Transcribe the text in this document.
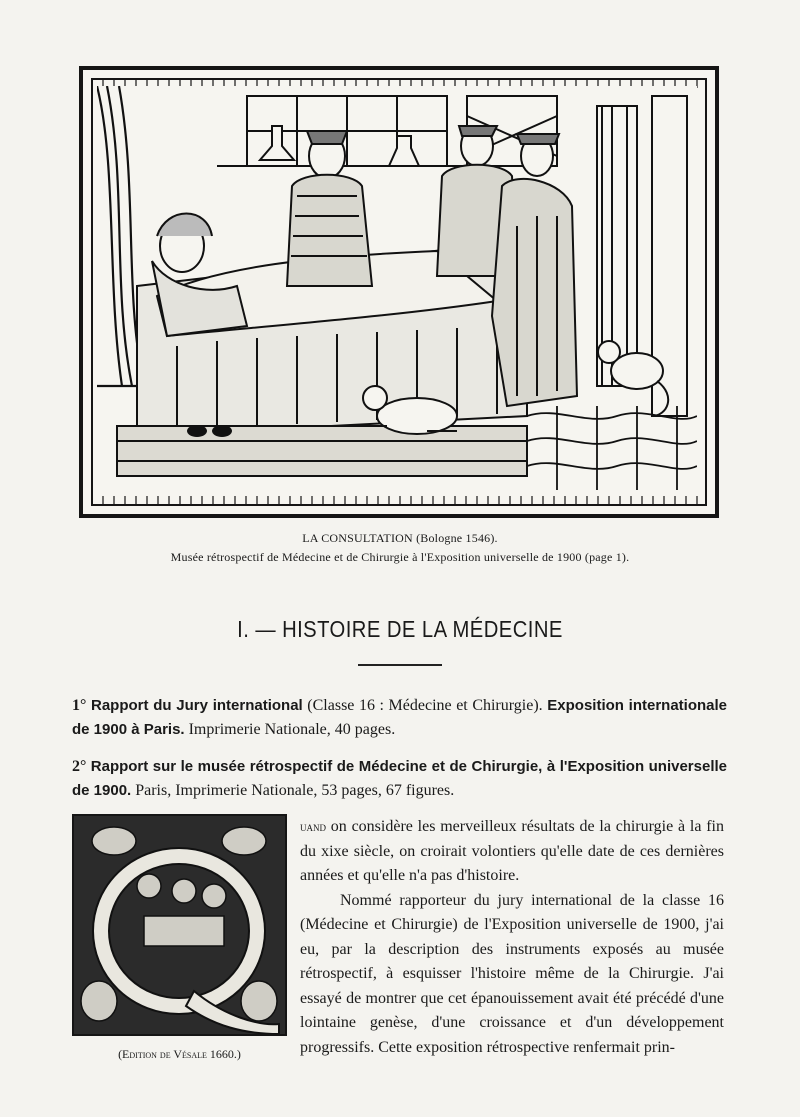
LA CONSULTATION (Bologne 1546).
Musée rétrospectif de Médecine et de Chirurgie à l'Exposition universelle de 1900 (page 1).
I. — HISTOIRE DE LA MÉDECINE
1° Rapport du Jury international (Classe 16 : Médecine et Chirurgie). Exposition internationale de 1900 à Paris. Imprimerie Nationale, 40 pages.
2° Rapport sur le musée rétrospectif de Médecine et de Chirurgie, à l'Exposition universelle de 1900. Paris, Imprimerie Nationale, 53 pages, 67 figures.
(Edition de Vésale 1660.)

uand on considère les merveilleux résultats de la chirurgie à la fin du xixe siècle, on croirait volontiers qu'elle date de ces dernières années et qu'elle n'a pas d'histoire.

Nommé rapporteur du jury international de la classe 16 (Médecine et Chirurgie) de l'Exposition universelle de 1900, j'ai eu, par la description des instruments exposés au musée rétrospectif, à esquisser l'histoire même de la Chirurgie. J'ai essayé de montrer que cet épanouissement avait été précédé d'une lointaine genèse, d'une croissance et d'un développement progressifs. Cette exposition rétrospective renfermait prin-
